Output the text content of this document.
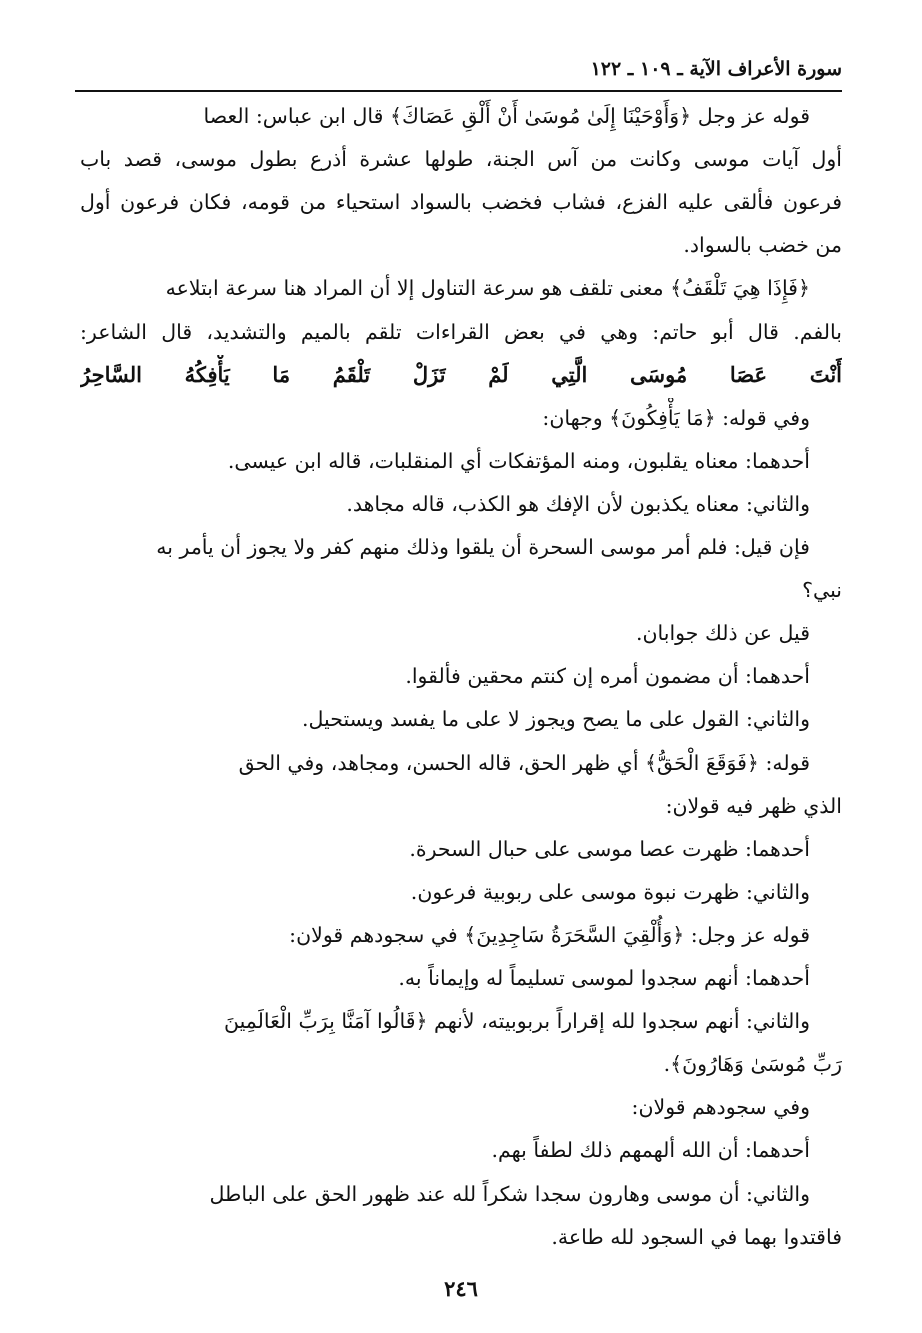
سورة الأعراف الآية ـ ١٠٩ ـ ١٢٢
قوله عز وجل ﴿وَأَوْحَيْنَا إِلَىٰ مُوسَىٰ أَنْ أَلْقِ عَصَاكَ﴾ قال ابن عباس: العصا
أول آيات موسى وكانت من آس الجنة، طولها عشرة أذرع بطول موسى، قصد باب
فرعون فألقى عليه الفزع، فشاب فخضب بالسواد استحياء من قومه، فكان فرعون أول
من خضب بالسواد.
﴿فَإِذَا هِيَ تَلْقَفُ﴾ معنى تلقف هو سرعة التناول إلا أن المراد هنا سرعة ابتلاعه
بالفم. قال أبو حاتم: وهي في بعض القراءات تلقم بالميم والتشديد، قال الشاعر:
أَنْتَ عَصَا مُوسَى الَّتِي لَمْ تَزَلْ تَلْقَمُ مَا يَأْفِكُهُ السَّاحِرُ
وفي قوله: ﴿مَا يَأْفِكُونَ﴾ وجهان:
أحدهما: معناه يقلبون، ومنه المؤتفكات أي المنقلبات، قاله ابن عيسى.
والثاني: معناه يكذبون لأن الإفك هو الكذب، قاله مجاهد.
فإن قيل: فلم أمر موسى السحرة أن يلقوا وذلك منهم كفر ولا يجوز أن يأمر به
نبي؟
قيل عن ذلك جوابان.
أحدهما: أن مضمون أمره إن كنتم محقين فألقوا.
والثاني: القول على ما يصح ويجوز لا على ما يفسد ويستحيل.
قوله: ﴿فَوَقَعَ الْحَقُّ﴾ أي ظهر الحق، قاله الحسن، ومجاهد، وفي الحق
الذي ظهر فيه قولان:
أحدهما: ظهرت عصا موسى على حبال السحرة.
والثاني: ظهرت نبوة موسى على ربوبية فرعون.
قوله عز وجل: ﴿وَأُلْقِيَ السَّحَرَةُ سَاجِدِينَ﴾ في سجودهم قولان:
أحدهما: أنهم سجدوا لموسى تسليماً له وإيماناً به.
والثاني: أنهم سجدوا لله إقراراً بربوبيته، لأنهم ﴿قَالُوا آمَنَّا بِرَبِّ الْعَالَمِينَ
رَبِّ مُوسَىٰ وَهَارُونَ﴾.
وفي سجودهم قولان:
أحدهما: أن الله ألهمهم ذلك لطفاً بهم.
والثاني: أن موسى وهارون سجدا شكراً لله عند ظهور الحق على الباطل
فاقتدوا بهما في السجود لله طاعة.
٢٤٦
